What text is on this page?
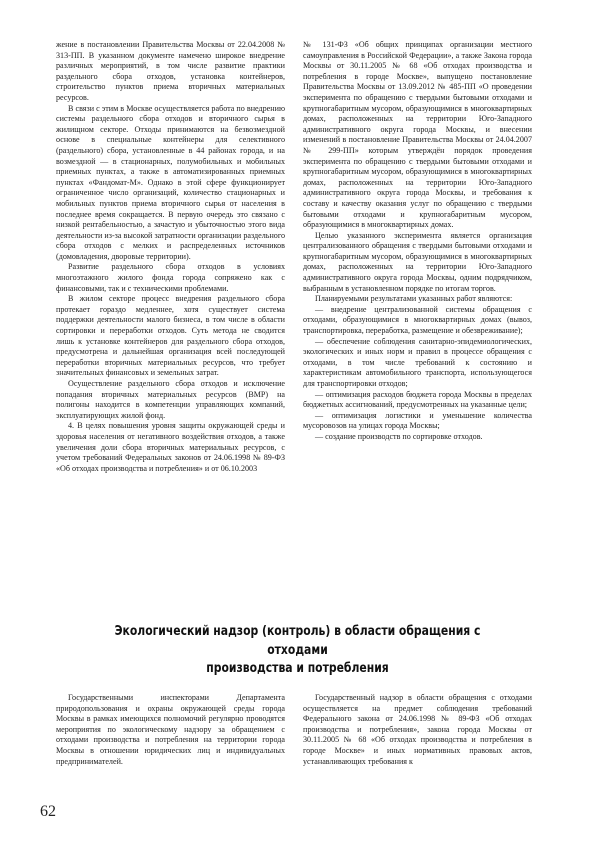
жение в постановлении Правительства Москвы от 22.04.2008 № 313-ПП. В указанном документе намечено широкое внедрение различных мероприятий, в том числе развитие практики раздельного сбора отходов, установка контейнеров, строительство пунктов приема вторичных материальных ресурсов.

В связи с этим в Москве осуществляется работа по внедрению системы раздельного сбора отходов и вторичного сырья в жилищном секторе. Отходы принимаются на безвозмездной основе в специальные контейнеры для селективного (раздельного) сбора, установленные в 44 районах города, и на возмездной — в стационарных, полумобильных и мобильных приемных пунктах, а также в автоматизированных приемных пунктах «Фандомат-М». Однако в этой сфере функционирует ограниченное число организаций, количество стационарных и мобильных пунктов приема вторичного сырья от населения в последнее время сокращается. В первую очередь это связано с низкой рентабельностью, а зачастую и убыточностью этого вида деятельности из-за высокой затратности организации раздельного сбора отходов с мелких и распределенных источников (домовладения, дворовые территории).

Развитие раздельного сбора отходов в условиях многоэтажного жилого фонда города сопряжено как с финансовыми, так и с техническими проблемами.

В жилом секторе процесс внедрения раздельного сбора протекает гораздо медленнее, хотя существует система поддержки деятельности малого бизнеса, в том числе в области сортировки и переработки отходов. Суть метода не сводится лишь к установке контейнеров для раздельного сбора отходов, предусмотрена и дальнейшая организация всей последующей переработки вторичных материальных ресурсов, что требует значительных финансовых и земельных затрат.

Осуществление раздельного сбора отходов и исключение попадания вторичных материальных ресурсов (ВМР) на полигоны находится в компетенции управляющих компаний, эксплуатирующих жилой фонд.

4. В целях повышения уровня защиты окружающей среды и здоровья населения от негативного воздействия отходов, а также увеличения доли сбора вторичных материальных ресурсов, с учетом требований Федеральных законов от 24.06.1998 № 89-ФЗ «Об отходах производства и потребления» и от 06.10.2003

№ 131-ФЗ «Об общих принципах организации местного самоуправления в Российской Федерации», а также Закона города Москвы от 30.11.2005 № 68 «Об отходах производства и потребления в городе Москве», выпущено постановление Правительства Москвы от 13.09.2012 № 485-ПП «О проведении эксперимента по обращению с твердыми бытовыми отходами и крупногабаритным мусором, образующимися в многоквартирных домах, расположенных на территории Юго-Западного административного округа города Москвы, и внесении изменений в постановление Правительства Москвы от 24.04.2007 № 299-ПП» которым утверждён порядок проведения эксперимента по обращению с твердыми бытовыми отходами и крупногабаритным мусором, образующимися в многоквартирных домах, расположенных на территории Юго-Западного административного округа города Москвы, и требования к составу и качеству оказания услуг по обращению с твердыми бытовыми отходами и крупногабаритным мусором, образующимися в многоквартирных домах.

Целью указанного эксперимента является организация централизованного обращения с твердыми бытовыми отходами и крупногабаритным мусором, образующимися в многоквартирных домах, расположенных на территории Юго-Западного административного округа города Москвы, одним подрядчиком, выбранным в установленном порядке по итогам торгов.

Планируемыми результатами указанных работ являются:

— внедрение централизованной системы обращения с отходами, образующимися в многоквартирных домах (вывоз, транспортировка, переработка, размещение и обезвреживание);

— обеспечение соблюдения санитарно-эпидемиологических, экологических и иных норм и правил в процессе обращения с отходами, в том числе требований к состоянию и характеристикам автомобильного транспорта, использующегося для транспортировки отходов;

— оптимизация расходов бюджета города Москвы в пределах бюджетных ассигнований, предусмотренных на указанные цели;

— оптимизация логистики и уменьшение количества мусоровозов на улицах города Москвы;

— создание производств по сортировке отходов.

Экологический надзор (контроль) в области обращения с отходами
производства и потребления

Государственными инспекторами Департамента природопользования и охраны окружающей среды города Москвы в рамках имеющихся полномочий регулярно проводятся мероприятия по экологическому надзору за обращением с отходами производства и потребления на территории города Москвы в отношении юридических лиц и индивидуальных предпринимателей.

Государственный надзор в области обращения с отходами осуществляется на предмет соблюдения требований Федерального закона от 24.06.1998 № 89-ФЗ «Об отходах производства и потребления», закона города Москвы от 30.11.2005 № 68 «Об отходах производства и потребления в городе Москве» и иных нормативных правовых актов, устанавливающих требования к

62
